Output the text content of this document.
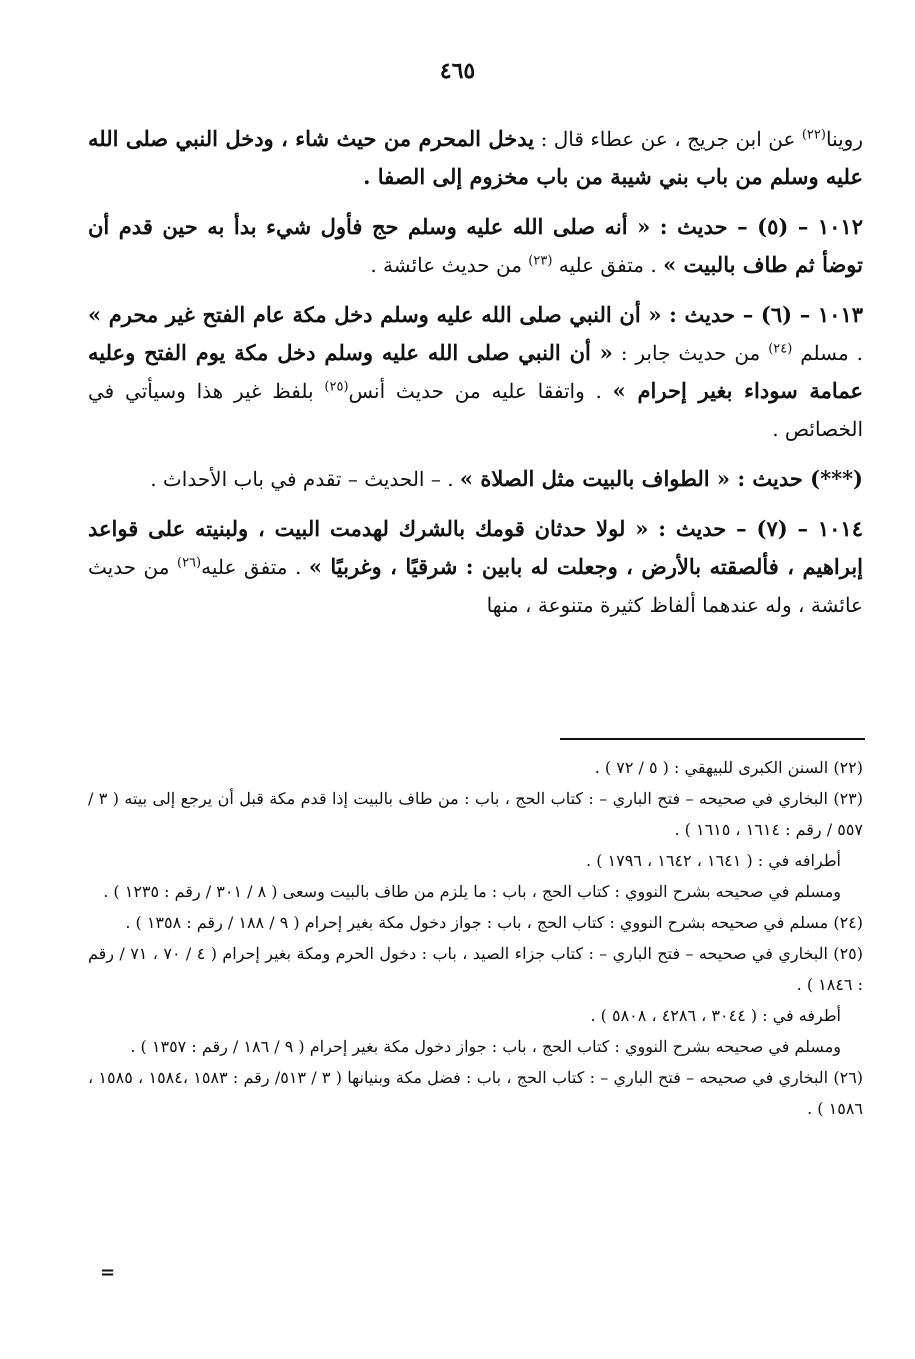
٤٦٥

روينا$^{(٢٢)}$ عن ابن جريج ، عن عطاء قال : يدخل المحرم من حيث شاء ، ودخل النبي صلى الله عليه وسلم من باب بني شيبة من باب مخزوم إلى الصفا .

١٠١٢ – (٥) – حديث : « أنه صلى الله عليه وسلم حج فأول شيء بدأ به حين قدم أن توضأ ثم طاف بالبيت » . متفق عليه $^{(٢٣)}$ من حديث عائشة .

١٠١٣ – (٦) – حديث : « أن النبي صلى الله عليه وسلم دخل مكة عام الفتح غير محرم » . مسلم $^{(٢٤)}$ من حديث جابر : « أن النبي صلى الله عليه وسلم دخل مكة يوم الفتح وعليه عمامة سوداء بغير إحرام » . واتفقا عليه من حديث أنس$^{(٢٥)}$ بلفظ غير هذا وسيأتي في الخصائص .

(***) حديث : « الطواف بالبيت مثل الصلاة » . – الحديث – تقدم في باب الأحداث .

١٠١٤ – (٧) – حديث : « لولا حدثان قومك بالشرك لهدمت البيت ، ولبنيته على قواعد إبراهيم ، فألصقته بالأرض ، وجعلت له بابين : شرقيًا ، وغربيًا » . متفق عليه$^{(٢٦)}$ من حديث عائشة ، وله عندهما ألفاظ كثيرة متنوعة ، منها

(٢٢) السنن الكبرى للبيهقي : ( ٥ / ٧٢ ) .

(٢٣) البخاري في صحيحه – فتح الباري – : كتاب الحج ، باب : من طاف بالبيت إذا قدم مكة قبل أن يرجع إلى بيته ( ٣ / ٥٥٧ / رقم : ١٦١٤ ، ١٦١٥ ) .

أطرافه في : ( ١٦٤١ ، ١٦٤٢ ، ١٧٩٦ ) .

ومسلم في صحيحه بشرح النووي : كتاب الحج ، باب : ما يلزم من طاف بالبيت وسعى ( ٨ / ٣٠١ / رقم : ١٢٣٥ ) .

(٢٤) مسلم في صحيحه بشرح النووي : كتاب الحج ، باب : جواز دخول مكة بغير إحرام ( ٩ / ١٨٨ / رقم : ١٣٥٨ ) .

(٢٥) البخاري في صحيحه – فتح الباري – : كتاب جزاء الصيد ، باب : دخول الحرم ومكة بغير إحرام ( ٤ / ٧٠ ، ٧١ / رقم : ١٨٤٦ ) .

أطرفه في : ( ٣٠٤٤ ، ٤٢٨٦ ، ٥٨٠٨ ) .

ومسلم في صحيحه بشرح النووي : كتاب الحج ، باب : جواز دخول مكة بغير إحرام ( ٩ / ١٨٦ / رقم : ١٣٥٧ ) .

(٢٦) البخاري في صحيحه – فتح الباري – : كتاب الحج ، باب : فضل مكة وبنيانها ( ٣ / ٥١٣/ رقم : ١٥٨٣ ،١٥٨٤ ، ١٥٨٥ ، ١٥٨٦ ) .

=
